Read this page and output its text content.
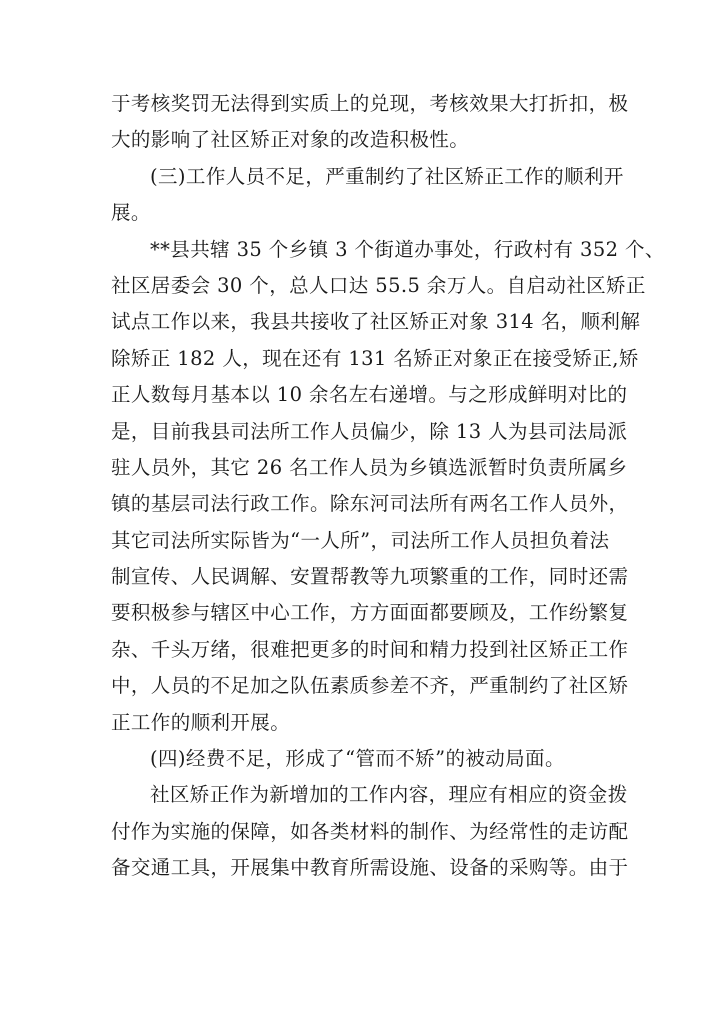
于考核奖罚无法得到实质上的兑现，考核效果大打折扣，极
大的影响了社区矫正对象的改造积极性。
(三)工作人员不足，严重制约了社区矫正工作的顺利开
展。
**县共辖 35 个乡镇 3 个街道办事处，行政村有 352 个、
社区居委会 30 个，总人口达 55.5 余万人。自启动社区矫正
试点工作以来，我县共接收了社区矫正对象 314 名，顺利解
除矫正 182 人，现在还有 131 名矫正对象正在接受矫正,矫
正人数每月基本以 10 余名左右递增。与之形成鲜明对比的
是，目前我县司法所工作人员偏少，除 13 人为县司法局派
驻人员外，其它 26 名工作人员为乡镇选派暂时负责所属乡
镇的基层司法行政工作。除东河司法所有两名工作人员外，
其它司法所实际皆为“一人所”，司法所工作人员担负着法
制宣传、人民调解、安置帮教等九项繁重的工作，同时还需
要积极参与辖区中心工作，方方面面都要顾及，工作纷繁复
杂、千头万绪，很难把更多的时间和精力投到社区矫正工作
中，人员的不足加之队伍素质参差不齐，严重制约了社区矫
正工作的顺利开展。
(四)经费不足，形成了“管而不矫”的被动局面。
社区矫正作为新增加的工作内容，理应有相应的资金拨
付作为实施的保障，如各类材料的制作、为经常性的走访配
备交通工具，开展集中教育所需设施、设备的采购等。由于
